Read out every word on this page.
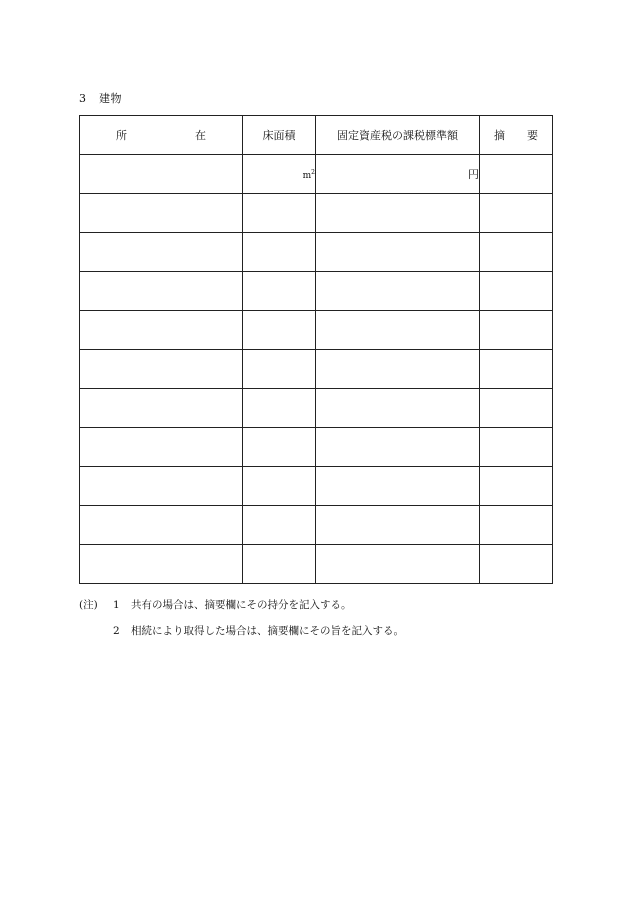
3 建物
所 在	床面積	固定資産税の課税標準額	摘 要

	$m^2$	円	

(注)	1	共有の場合は、摘要欄にその持分を記入する。
2	相続により取得した場合は、摘要欄にその旨を記入する。
